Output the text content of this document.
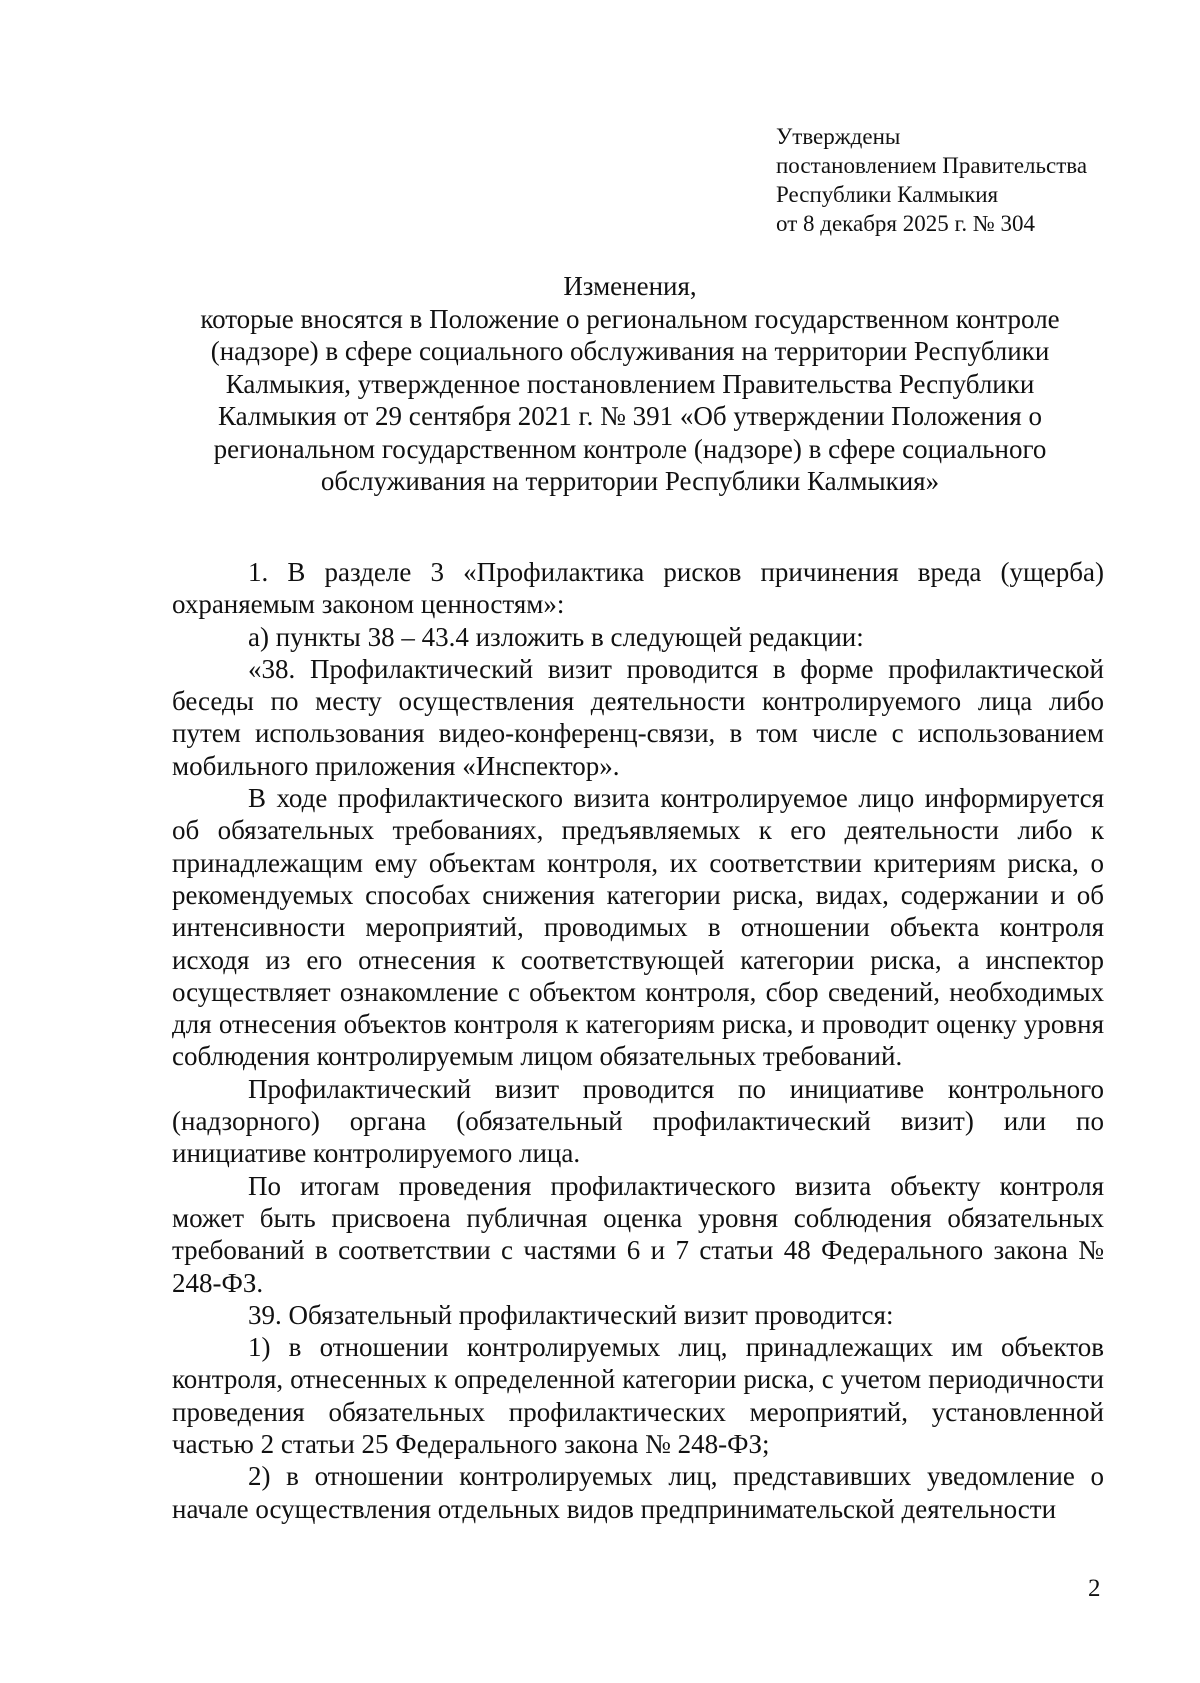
Утверждены
постановлением Правительства
Республики Калмыкия
от 8 декабря 2025 г. № 304
Изменения,
которые вносятся в Положение о региональном государственном контроле
(надзоре) в сфере социального обслуживания на территории Республики
Калмыкия, утвержденное постановлением Правительства Республики
Калмыкия от 29 сентября 2021 г. № 391 «Об утверждении Положения о
региональном государственном контроле (надзоре) в сфере социального
обслуживания на территории Республики Калмыкия»

1. В разделе 3 «Профилактика рисков причинения вреда (ущерба) охраняемым законом ценностям»:

а) пункты 38 – 43.4 изложить в следующей редакции:

«38. Профилактический визит проводится в форме профилактической беседы по месту осуществления деятельности контролируемого лица либо путем использования видео-конференц-связи, в том числе с использованием мобильного приложения «Инспектор».

В ходе профилактического визита контролируемое лицо информируется об обязательных требованиях, предъявляемых к его деятельности либо к принадлежащим ему объектам контроля, их соответствии критериям риска, о рекомендуемых способах снижения категории риска, видах, содержании и об интенсивности мероприятий, проводимых в отношении объекта контроля исходя из его отнесения к соответствующей категории риска, а инспектор осуществляет ознакомление с объектом контроля, сбор сведений, необходимых для отнесения объектов контроля к категориям риска, и проводит оценку уровня соблюдения контролируемым лицом обязательных требований.

Профилактический визит проводится по инициативе контрольного (надзорного) органа (обязательный профилактический визит) или по инициативе контролируемого лица.

По итогам проведения профилактического визита объекту контроля может быть присвоена публичная оценка уровня соблюдения обязательных требований в соответствии с частями 6 и 7 статьи 48 Федерального закона № 248-ФЗ.

39. Обязательный профилактический визит проводится:

1) в отношении контролируемых лиц, принадлежащих им объектов контроля, отнесенных к определенной категории риска, с учетом периодичности проведения обязательных профилактических мероприятий, установленной частью 2 статьи 25 Федерального закона № 248-ФЗ;

2) в отношении контролируемых лиц, представивших уведомление о начале осуществления отдельных видов предпринимательской деятельности

2
